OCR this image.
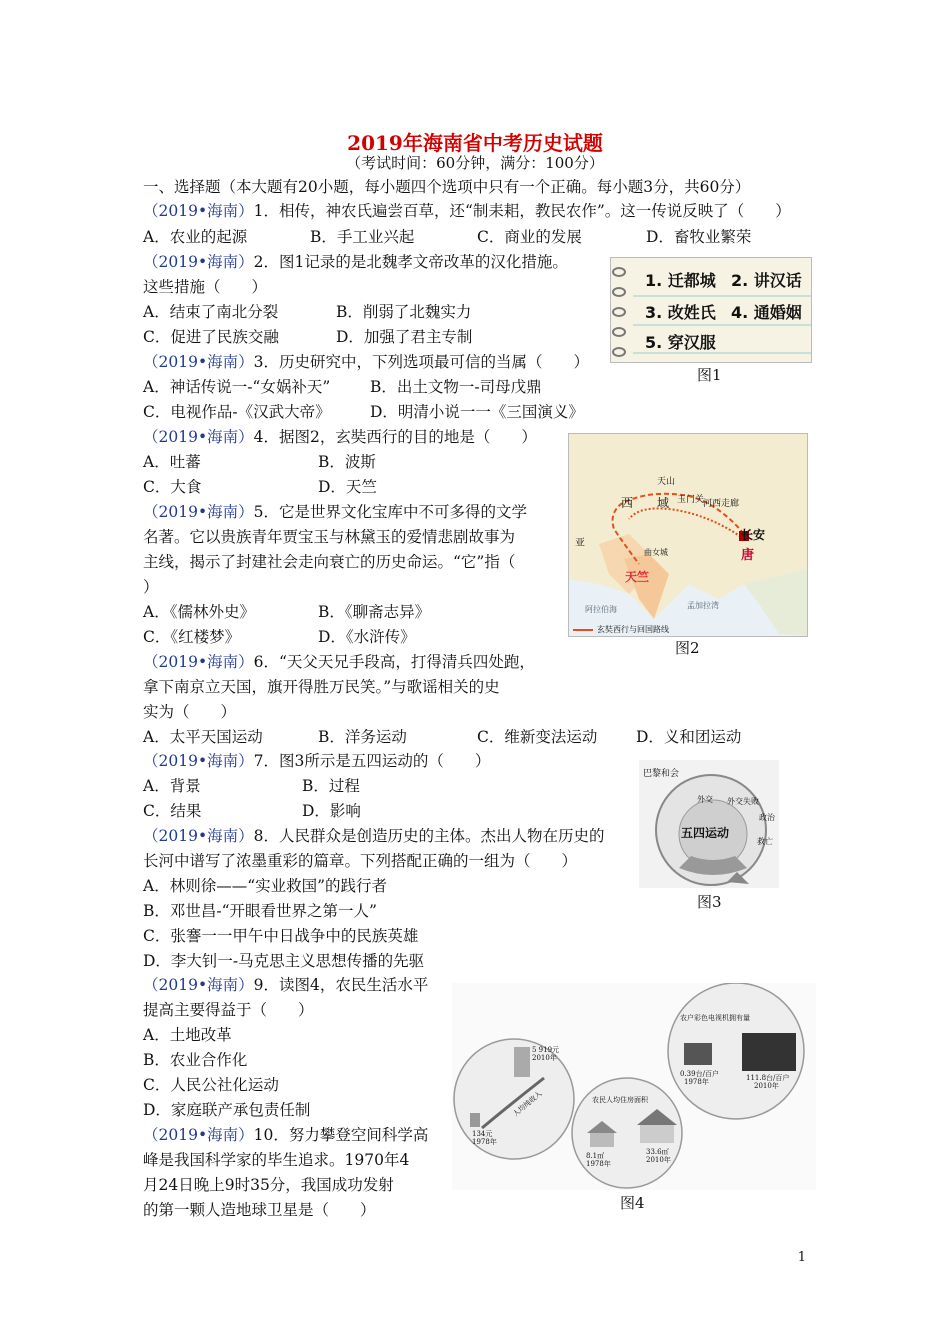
2019年海南省中考历史试题
（考试时间：60分钟，满分：100分）
一、选择题（本大题有20小题，每小题四个选项中只有一个正确。每小题3分，共60分）
（2019•海南）1．相传，神农氏遍尝百草，还“制耒耜，教民农作”。这一传说反映了（　　）
A．农业的起源	B．手工业兴起	C．商业的发展	D．畜牧业繁荣
（2019•海南）2．图1记录的是北魏孝文帝改革的汉化措施。
这些措施（　　）
A．结束了南北分裂	B．削弱了北魏实力
C．促进了民族交融	D．加强了君主专制
（2019•海南）3．历史研究中，下列选项最可信的当属（　　）
A．神话传说一-“女娲补天”	B．出土文物一-司母戊鼎
C．电视作品-《汉武大帝》	D．明清小说一一《三国演义》
（2019•海南）4．据图2，玄奘西行的目的地是（　　）
A．吐蕃	B．波斯
C．大食	D．天竺
（2019•海南）5．它是世界文化宝库中不可多得的文学
名著。它以贵族青年贾宝玉与林黛玉的爱情悲剧故事为
主线，揭示了封建社会走向衰亡的历史命运。“它”指（
）
A．《儒林外史》	B．《聊斋志异》
C．《红楼梦》	D．《水浒传》
（2019•海南）6．“天父天兄手段高，打得清兵四处跑，
拿下南京立天国，旗开得胜万民笑。”与歌谣相关的史
实为（　　）
A．太平天国运动	B．洋务运动	C．维新变法运动 D．义和团运动
（2019•海南）7．图3所示是五四运动的（　　）
A．背景	B．过程
C．结果	D．影响
（2019•海南）8．人民群众是创造历史的主体。杰出人物在历史的
长河中谱写了浓墨重彩的篇章。下列搭配正确的一组为（　　）
A．林则徐——“实业救国”的践行者
B．邓世昌-“开眼看世界之第一人”
C．张謇一一甲午中日战争中的民族英雄
D．李大钊一-马克思主义思想传播的先驱
（2019•海南）9．读图4，农民生活水平
提高主要得益于（　　）
A．土地改革
B．农业合作化
C．人民公社化运动
D．家庭联产承包责任制
（2019•海南）10．努力攀登空间科学高
峰是我国科学家的毕生追求。1970年4
月24日晚上9时35分，我国成功发射
的第一颗人造地球卫星是（　　）
1. 迁都城 2. 讲汉话
3. 改姓氏 4. 通婚姻
5. 穿汉服
图1
西 域
天山
玉门关
河西走廊
长安
唐
天竺
曲女城
阿拉伯海	孟加拉湾
亚
玄奘西行与回国路线
图2
五四运动
巴黎和会
外交 外交失败
政治
救亡
图3
134元
1978年
5 919元
2010年
人均纯收入	农民人均住房面积
8.1㎡
1978年
33.6㎡
2010年
农户彩色电视机拥有量
0.39台/百户
1978年	111.8台/百户
2010年
图4
1
